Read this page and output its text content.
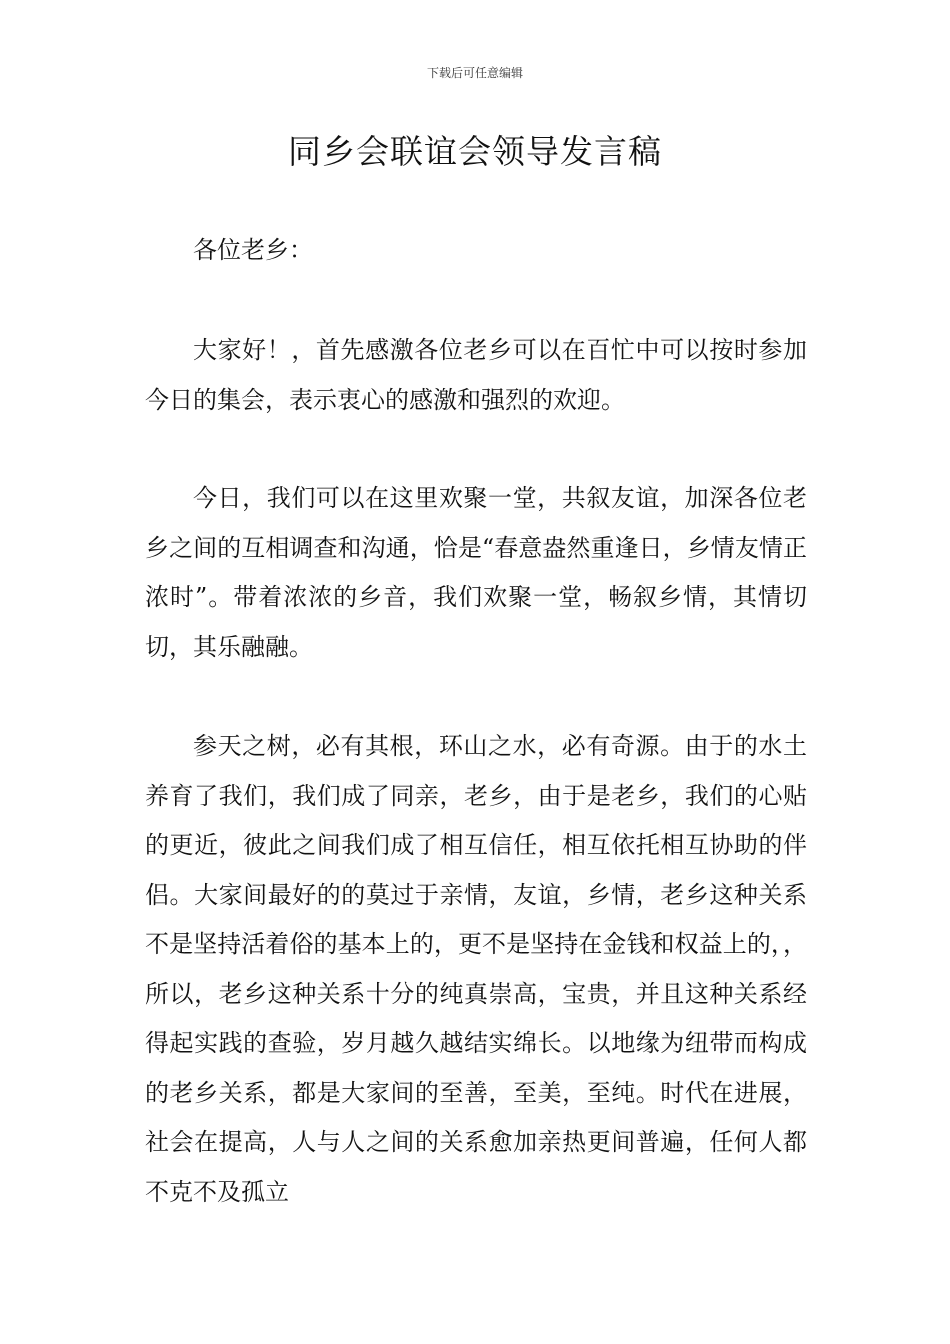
下载后可任意编辑
同乡会联谊会领导发言稿

各位老乡：

大家好！，首先感激各位老乡可以在百忙中可以按时参加今日的集会，表示衷心的感激和强烈的欢迎。

今日，我们可以在这里欢聚一堂，共叙友谊，加深各位老乡之间的互相调查和沟通，恰是“春意盎然重逢日，乡情友情正浓时”。带着浓浓的乡音，我们欢聚一堂，畅叙乡情，其情切切，其乐融融。

参天之树，必有其根，环山之水，必有奇源。由于的水土养育了我们，我们成了同亲，老乡，由于是老乡，我们的心贴的更近，彼此之间我们成了相互信任，相互依托相互协助的伴侣。大家间最好的的莫过于亲情，友谊，乡情，老乡这种关系不是坚持活着俗的基本上的，更不是坚持在金钱和权益上的，，所以，老乡这种关系十分的纯真崇高，宝贵，并且这种关系经得起实践的查验，岁月越久越结实绵长。以地缘为纽带而构成的老乡关系，都是大家间的至善，至美，至纯。时代在进展，社会在提高，人与人之间的关系愈加亲热更间普遍，任何人都不克不及孤立
